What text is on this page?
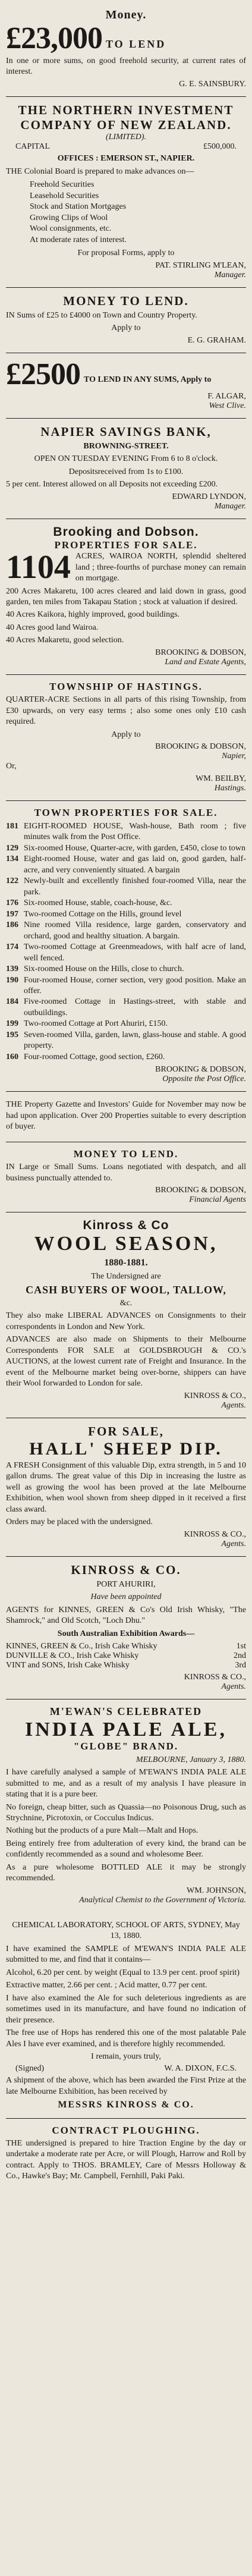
Money.
£23,000 TO LEND
In one or more sums, on good freehold security, at current rates of interest.
G. E. SAINSBURY.
THE NORTHERN INVESTMENT COMPANY OF NEW ZEALAND.
(LIMITED).
CAPITAL	£500,000.
OFFICES : EMERSON ST., NAPIER.
THE Colonial Board is prepared to make advances on—
Freehold Securities
Leasehold Securities
Stock and Station Mortgages
Growing Clips of Wool
Wool consignments, etc.
At moderate rates of interest.
For proposal Forms, apply to
PAT. STIRLING M'LEAN,
Manager.
MONEY TO LEND.
IN Sums of £25 to £4000 on Town and Country Property.
Apply to
E. G. GRAHAM.
£2500 TO LEND IN ANY SUMS, Apply to
F. ALGAR,
West Clive.
NAPIER SAVINGS BANK,
BROWNING-STREET.
OPEN ON TUESDAY EVENING From 6 to 8 o'clock.
Depositsreceived from 1s to £100.
5 per cent. Interest allowed on all Deposits not exceeding £200.
EDWARD LYNDON,
Manager.
Brooking and Dobson.
PROPERTIES FOR SALE.
1104 ACRES, WAIROA NORTH, splendid sheltered land ; three-fourths of purchase money can remain on mortgage.
200 Acres Makaretu, 100 acres cleared and laid down in grass, good garden, ten miles from Takapau Station ; stock at valuation if desired.
40 Acres Kaikora, highly improved, good buildings.
40 Acres good land Wairoa.
40 Acres Makaretu, good selection.
BROOKING & DOBSON,
Land and Estate Agents,
TOWNSHIP OF HASTINGS.
QUARTER-ACRE Sections in all parts of this rising Township, from £30 upwards, on very easy terms ; also some ones only £10 cash required.
Apply to
BROOKING & DOBSON,
Napier,
Or,
WM. BEILBY,
Hastings.
TOWN PROPERTIES FOR SALE.
181 EIGHT-ROOMED HOUSE, Wash-house, Bath room ; five minutes walk from the Post Office.
129 Six-roomed House, Quarter-acre, with garden, £450, close to town
134 Eight-roomed House, water and gas laid on, good garden, half-acre, and very conveniently situated. A bargain
122 Newly-built and excellently finished four-roomed Villa, near the park.
176 Six-roomed House, stable, coach-house, &c.
197 Two-roomed Cottage on the Hills, ground level
186 Nine roomed Villa residence, large garden, conservatory and orchard, good and healthy situation. A bargain.
174 Two-roomed Cottage at Greenmeadows, with half acre of land, well fenced.
139 Six-roomed House on the Hills, close to church.
190 Four-roomed House, corner section, very good position. Make an offer.
184 Five-roomed Cottage in Hastings-street, with stable and outbuildings.
199 Two-roomed Cottage at Port Ahuriri, £150.
195 Seven-roomed Villa, garden, lawn, glass-house and stable. A good property.
160 Four-roomed Cottage, good section, £260.
BROOKING & DOBSON,
Opposite the Post Office.
THE Property Gazette and Investors' Guide for November may now be had upon application. Over 200 Properties suitable to every description of buyer.
MONEY TO LEND.
IN Large or Small Sums. Loans negotiated with despatch, and all business punctually attended to.
BROOKING & DOBSON,
Financial Agents
Kinross & Co
WOOL SEASON,
1880-1881.
The Undersigned are
CASH BUYERS OF WOOL, TALLOW,
&c.
They also make LIBERAL ADVANCES on Consignments to their correspondents in London and New York.
ADVANCES are also made on Shipments to their Melbourne Correspondents FOR SALE at GOLDSBROUGH & CO.'s AUCTIONS, at the lowest current rate of Freight and Insurance. In the event of the Melbourne market being over-borne, shippers can have their Wool forwarded to London for sale.
KINROSS & CO.,
Agents.
FOR SALE,
HALL' SHEEP DIP.
A FRESH Consignment of this valuable Dip, extra strength, in 5 and 10 gallon drums. The great value of this Dip in increasing the lustre as well as growing the wool has been proved at the late Melbourne Exhibition, when wool shown from sheep dipped in it received a first class award.
Orders may be placed with the undersigned.
KINROSS & CO.,
Agents.
KINROSS & CO.
PORT AHURIRI,
Have been appointed
AGENTS for KINNES, GREEN & Co's Old Irish Whisky, "The Shamrock," and Old Scotch, "Loch Dhu."
South Australian Exhibition Awards—
KINNES, GREEN & Co., Irish Cake Whisky	1st
DUNVILLE & CO., Irish Cake Whisky	2nd
VINT and SONS, Irish Cake Whisky	3rd
KINROSS & CO.,
Agents.
M'EWAN'S CELEBRATED
INDIA PALE ALE,
"GLOBE" BRAND.
MELBOURNE, January 3, 1880.
I have carefully analysed a sample of M'EWAN'S INDIA PALE ALE submitted to me, and as a result of my analysis I have pleasure in stating that it is a pure beer.
No foreign, cheap bitter, such as Quassia—no Poisonous Drug, such as Strychnine, Picrotoxin, or Cocculus Indicus.
Nothing but the products of a pure Malt—Malt and Hops.
Being entirely free from adulteration of every kind, the brand can be confidently recommended as a sound and wholesome Beer.
As a pure wholesome BOTTLED ALE it may be strongly recommended.
WM. JOHNSON,
Analytical Chemist to the Government of Victoria.
CHEMICAL LABORATORY, SCHOOL OF ARTS, SYDNEY, May 13, 1880.
I have examined the SAMPLE of M'EWAN'S INDIA PALE ALE submitted to me, and find that it contains—
Alcohol, 6.20 per cent. by weight (Equal to 13.9 per cent. proof spirit)
Extractive matter, 2.66 per cent. ; Acid matter, 0.77 per cent.
I have also examined the Ale for such deleterious ingredients as are sometimes used in its manufacture, and have found no indication of their presence.
The free use of Hops has rendered this one of the most palatable Pale Ales I have ever examined, and is therefore highly recommended.
I remain, yours truly,
(Signed)	W. A. DIXON, F.C.S.
A shipment of the above, which has been awarded the First Prize at the late Melbourne Exhibition, has been received by
MESSRS KINROSS & CO.
CONTRACT PLOUGHING.
THE undersigned is prepared to hire Traction Engine by the day or undertake a moderate rate per Acre, or will Plough, Harrow and Roll by contract. Apply to THOS. BRAMLEY, Care of Messrs Holloway & Co., Hawke's Bay; Mr. Campbell, Fernhill, Paki Paki.
